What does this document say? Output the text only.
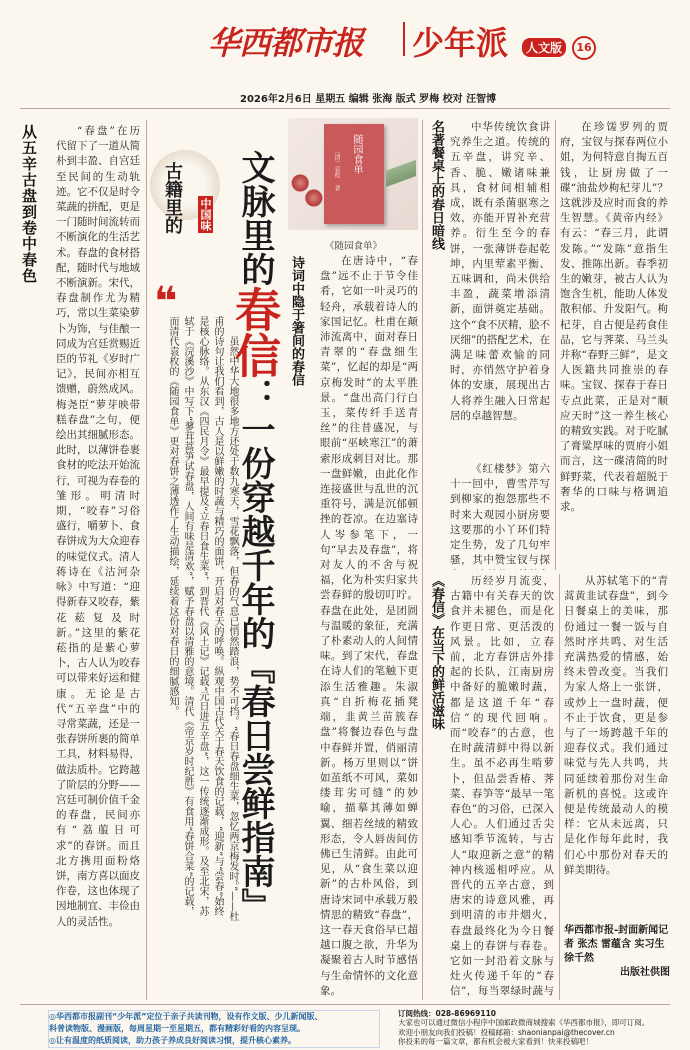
华西都市报 少年派	人文版	16
2026年2月6日 星期五 编辑 张海 版式 罗梅 校对 汪智博
从五辛古盘到卷中春色	“春盘”在历代留下了一道从简朴到丰盈、自宫廷至民间的生动轨迹。它不仅是时令菜蔬的拼配，更是一门随时间流转而不断演化的生活艺术。春盘的食材搭配，随时代与地域不断演新。宋代，春盘制作尤为精巧，常以生菜染萝卜为饰，与佳酿一同成为宫廷赏赐近臣的节礼《岁时广记》，民间亦相互馈赠，蔚然成风。梅尧臣“萝芽映带糕春盘”之句，便绘出其细腻形态。此时，以薄饼卷裹食材的吃法开始流行，可视为春卷的雏形。明清时期，“咬春”习俗盛行，嚼萝卜、食春饼成为大众迎春的味觉仪式。清人蒋诗在《沽河杂咏》中写道：“迎得新春又咬春，紫花菘复及时新。”这里的紫花菘指的是紫心萝卜，古人认为咬春可以带来好运和健康。无论是古代“五辛盘”中的寻常菜蔬，还是一张春饼所裹的简单工具，材料易得，做法质朴。它跨越了阶层的分野——宫廷可制价值千金的春盘，民间亦有“荔菔日可求”的春饼。而且北方携用面粉烙饼，南方喜以面皮作卷，这也体现了因地制宜、丰俭由人的灵活性。

古籍里的 中国味
❝

虽然中华大地很多地方还处于数九寒天，雪花飘落，但春的气息已悄然踏浪，势不可挡。“春日春盘细生菜，忽忆两京梅发时。”——杜甫的诗句让我们看到，古人是以鲜嫩的时蔬与精巧的面饼，开启对春天的呼唤。纵观中国古代关于春天饮食的记载，“迎新”与“尝春”始终是核心脉络。从东汉《四民月令》最早提及“立春日食生菜”，到晋代《风土记》记载“元日进五辛盘”，这一传统逐渐成形。及至北宋，苏轼于《浣溪沙》中写下“蓼茸蒿笋试春盘，人间有味是清欢”，赋予春盘以清雅的意境。清代《帝京岁时纪胜》有食用“春饼合菜”的记载，而清代袁枚的《随园食单》更对春饼之薄透作了生动描绘，延续着这份对春日的细腻感知。

文脉里的春信：一份穿越千年的『春日尝鲜指南』
随园食单
〔清〕袁枚 著
《随园食单》
诗词中隐于箸间的春信	在唐诗中，“春盘”远不止于节令佳肴，它如一叶灵巧的轻舟，承载着诗人的家国记忆。杜甫在颠沛流离中，面对春日青翠的“春盘细生菜”，忆起的却是“两京梅发时”的太平胜景。“盘出高门行白玉，菜传纤手送青丝”的往昔盛况，与眼前“巫峡寒江”的萧索形成刺目对比。那一盘鲜嫩，由此化作连接盛世与乱世的沉重符号，满是沉郁顿挫的苍凉。在边塞诗人岑参笔下，一句“早去及春盘”，将对友人的不舍与祝福，化为朴实归家共尝春鲜的殷切叮咛。春盘在此处，是团圆与温暖的象征，充满了朴素动人的人间情味。到了宋代，春盘在诗人们的笔触下更添生活雅趣。朱淑真“自折梅花插凳端，韭黄兰苗簇春盘”将餐边春色与盘中春鲜并置，俏丽清新。杨万里则以“饼如茧纸不可风，菜如缕茸劣可缝”的妙喻，描摹其薄如蝉翼、细若丝绒的精致形态，令人唇齿间仿佛已生清鲜。由此可见，从“食生菜以迎新”的古朴风俗，到唐诗宋词中承载万般情思的精致“春盘”，这一春天食俗早已超越口腹之欲，升华为凝聚着古人时节感悟与生命情怀的文化意象。

名著餐桌上的春日暗线	中华传统饮食讲究养生之道。传统的五辛盘，讲究辛、香、脆、嫩诸味兼具，食材间相辅相成，既有杀菌驱寒之效，亦能开胃补充营养。衍生至今的春饼，一张薄饼卷起乾坤，内里荤素平衡、五味调和，尚未供给丰盈，蔬菜增添清新，面饼奠定基础。这个“食不厌精，脍不厌细”的搭配艺术，在满足味蕾欢愉的同时，亦悄然守护着身体的安康，展现出古人将养生融入日常起居的卓越智慧。

《红楼梦》第六十一回中，曹雪芹写到柳家的抱怨那些不时来大观园小厨房要这要那的小丫环们特定生势，发了几句牢骚，其中赞宝钗与探

在珍馐罗列的贾府，宝钗与探春两位小姐，为何特意自掏五百钱，让厨房做了一碟“油盐炒枸杞芽儿”？这就涉及应时而食的养生智慧。《黄帝内经》有云：“春三月，此谓发陈。”“发陈”意指生发、推陈出新。春季初生的嫩芽，被古人认为饱含生机，能助人体发散积郁、升发阳气。枸杞芽，自古便是药食佳品，它与荠菜、马兰头并称“春野三鲜”，是文人医籍共同推崇的春味。宝钗、探春于春日专点此菜，正是对“顺应天时”这一养生核心的精致实践。对于吃腻了膏粱厚味的贾府小姐而言，这一碟清简的时鲜野菜，代表着超脱于奢华的口味与格调追求。

《春信》在当下的鲜活滋味	历经岁月流变，古籍中有关春天的饮食并未褪色，而是化作更日常、更活泼的风景。比如，立春前，北方春饼店外排起的长队，江南厨房中备好的脆嫩时蔬，都是这道千年“春信”的现代回响。而“咬春”的古意，也在时蔬清鲜中得以新生。虽不必再生啃萝卜，但品尝香椿、荠菜、春笋等“最早一笔春色”的习俗，已深入人心。人们通过舌尖感知季节流转，与古人“取迎新之意”的精神内核遥相呼应。从晋代的五辛古意，到唐宋的诗意风雅，再到明清的市井烟火，春盘最终化为今日餐桌上的春饼与春卷。它如一封沿着文脉与灶火传递千年的“春信”，每当翠绿时蔬与

从苏轼笔下的“青蒿黄韭试春盘”，到今日餐桌上的美味，那份通过一餐一饭与自然时序共鸣、对生活充满热爱的情感，始终未曾改变。当我们为家人烙上一张饼，或炒上一盘时蔬，便不止于饮食，更是参与了一场跨越千年的迎春仪式。我们通过味觉与先人共鸣，共同延续着那份对生命新机的喜悦。这或许便是传统最动人的模样：它从未远离，只是化作每年此时，我们心中那份对春天的鲜美期待。

华西都市报-封面新闻记者 张杰 雷蕴含 实习生 徐千然
出版社供图
◎华西都市报副刊“少年派”定位于亲子共读刊物，设有作文版、少儿新闻版、
科普读物版、漫画版，每周星期一至星期五，都有精彩好看的内容呈现。
◎让有温度的纸质阅读，助力孩子养成良好阅读习惯，提升核心素养。
订阅热线：028-86969110
大家也可以通过微信小程序中国邮政微商城搜索《华西都市报》，即可订阅。
欢迎小朋友向我们投稿！投稿邮箱：shaonianpai@thecover.cn
你投来的每一篇文章，都有机会被大家看到！快来投稿吧！
